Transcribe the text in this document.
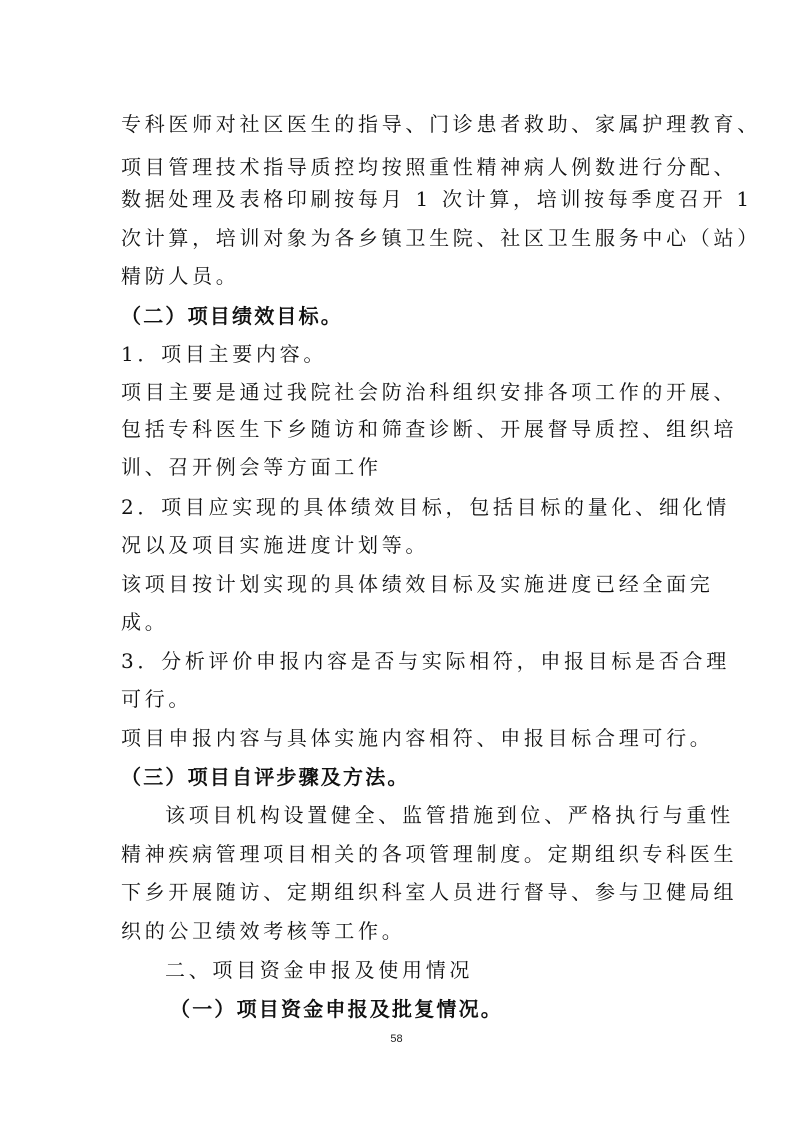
专科医师对社区医生的指导、门诊患者救助、家属护理教育、
项目管理技术指导质控均按照重性精神病人例数进行分配、
数据处理及表格印刷按每月 1 次计算，培训按每季度召开 1
次计算，培训对象为各乡镇卫生院、社区卫生服务中心（站）
精防人员。
（二）项目绩效目标。
1．项目主要内容。
项目主要是通过我院社会防治科组织安排各项工作的开展、
包括专科医生下乡随访和筛查诊断、开展督导质控、组织培
训、召开例会等方面工作
2．项目应实现的具体绩效目标，包括目标的量化、细化情
况以及项目实施进度计划等。
该项目按计划实现的具体绩效目标及实施进度已经全面完
成。
3．分析评价申报内容是否与实际相符，申报目标是否合理
可行。
项目申报内容与具体实施内容相符、申报目标合理可行。
（三）项目自评步骤及方法。
该项目机构设置健全、监管措施到位、严格执行与重性
精神疾病管理项目相关的各项管理制度。定期组织专科医生
下乡开展随访、定期组织科室人员进行督导、参与卫健局组
织的公卫绩效考核等工作。
二、项目资金申报及使用情况
（一）项目资金申报及批复情况。
58
